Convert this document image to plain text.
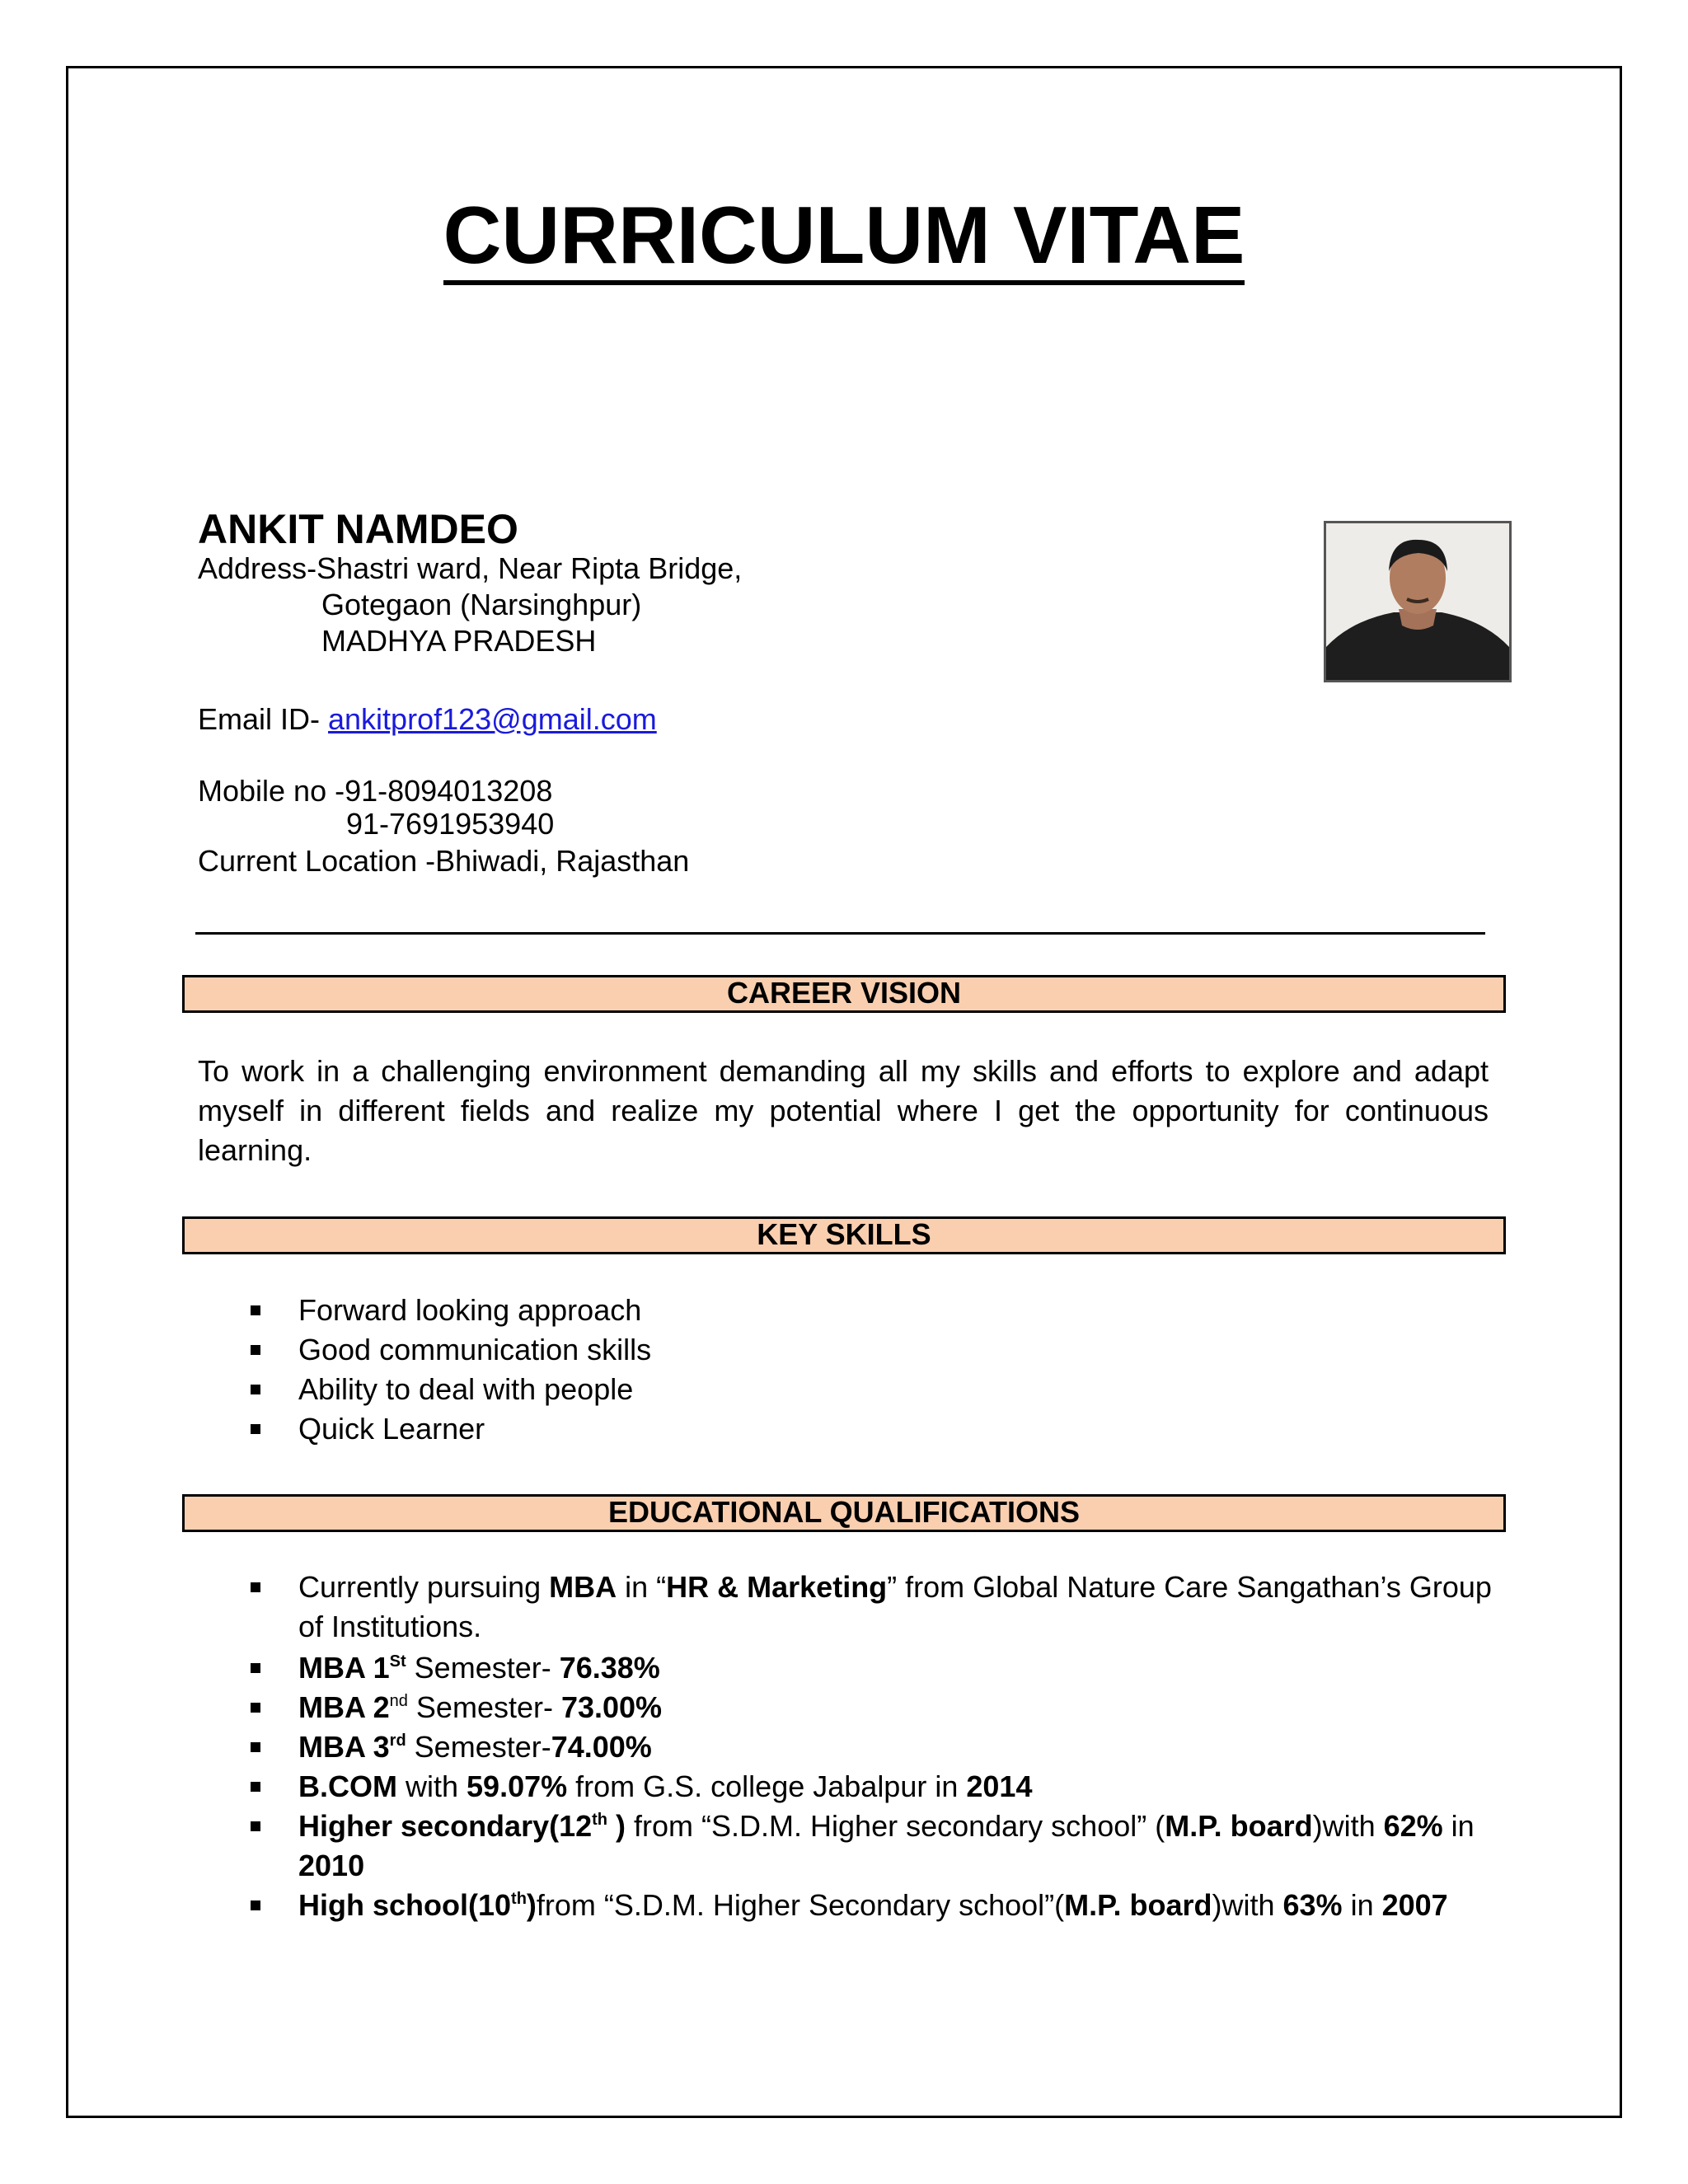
CURRICULUM VITAE
ANKIT NAMDEO
Address-Shastri ward, Near Ripta Bridge,
Gotegaon (Narsinghpur)
MADHYA PRADESH
Email ID- ankitprof123@gmail.com
Mobile no -91-8094013208
91-7691953940
Current Location -Bhiwadi, Rajasthan
CAREER VISION
To work in a challenging environment demanding all my skills and efforts to explore and adapt myself in different fields and realize my potential where I get the opportunity for continuous learning.
KEY SKILLS
Forward looking approach
Good communication skills
Ability to deal with people
Quick Learner
EDUCATIONAL QUALIFICATIONS
Currently pursuing MBA in “HR & Marketing” from Global Nature Care Sangathan’s Group of Institutions.
MBA 1St Semester- 76.38%
MBA 2nd Semester- 73.00%
MBA 3rd Semester-74.00%
B.COM with 59.07% from G.S. college Jabalpur in 2014
Higher secondary(12th ) from “S.D.M. Higher secondary school” (M.P. board)with 62% in 2010
High school(10th)from “S.D.M. Higher Secondary school”(M.P. board)with 63% in 2007
